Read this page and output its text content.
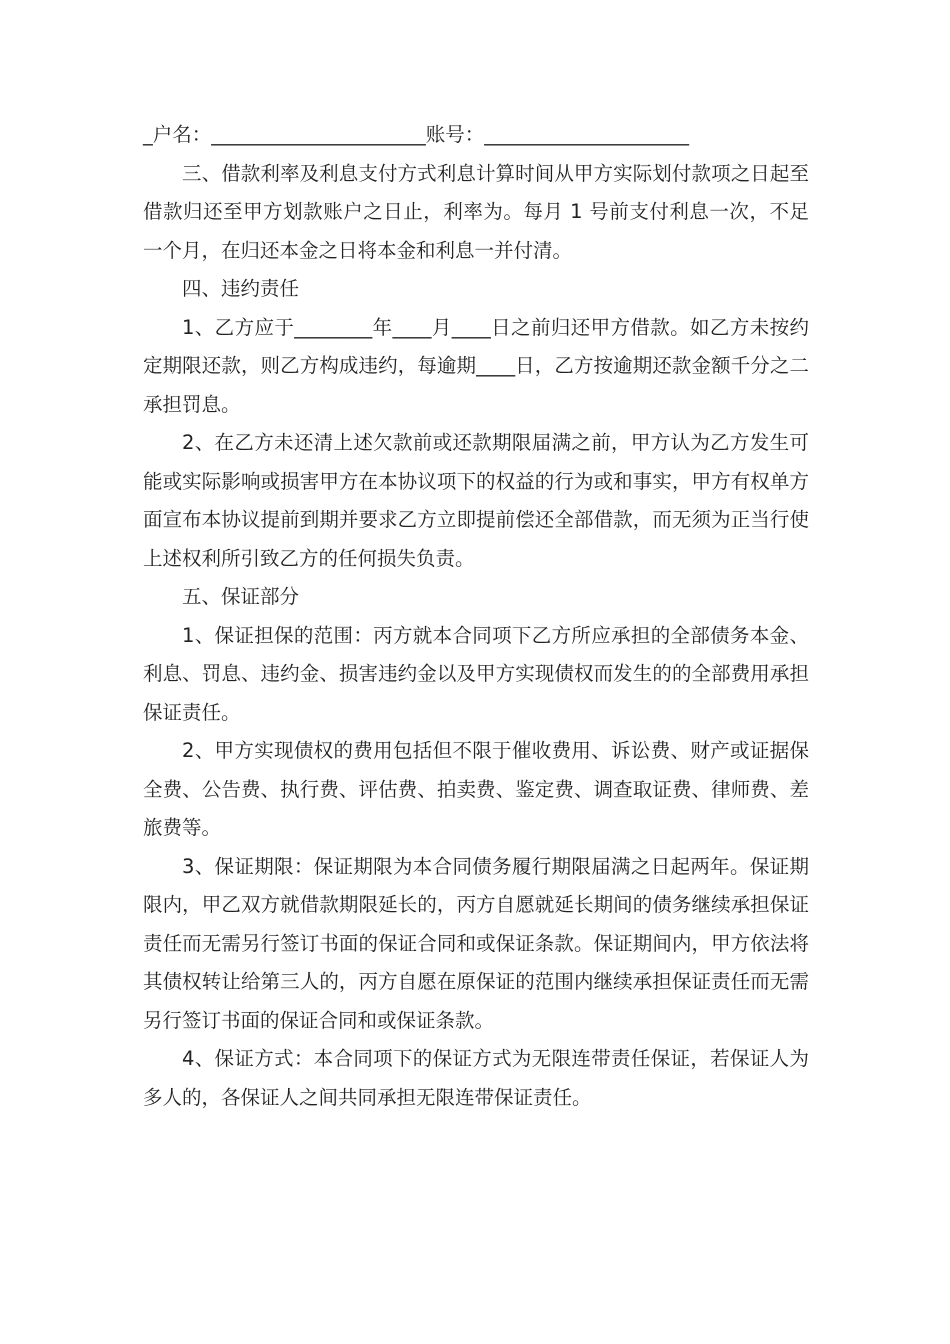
_户名：______________________账号：_____________________

三、借款利率及利息支付方式利息计算时间从甲方实际划付款项之日起至借款归还至甲方划款账户之日止，利率为。每月 1 号前支付利息一次，不足一个月，在归还本金之日将本金和利息一并付清。

四、违约责任

1、乙方应于________年____月____日之前归还甲方借款。如乙方未按约定期限还款，则乙方构成违约，每逾期____日，乙方按逾期还款金额千分之二承担罚息。

2、在乙方未还清上述欠款前或还款期限届满之前，甲方认为乙方发生可能或实际影响或损害甲方在本协议项下的权益的行为或和事实，甲方有权单方面宣布本协议提前到期并要求乙方立即提前偿还全部借款，而无须为正当行使上述权利所引致乙方的任何损失负责。

五、保证部分

1、保证担保的范围：丙方就本合同项下乙方所应承担的全部债务本金、利息、罚息、违约金、损害违约金以及甲方实现债权而发生的的全部费用承担保证责任。

2、甲方实现债权的费用包括但不限于催收费用、诉讼费、财产或证据保全费、公告费、执行费、评估费、拍卖费、鉴定费、调查取证费、律师费、差旅费等。

3、保证期限：保证期限为本合同债务履行期限届满之日起两年。保证期限内，甲乙双方就借款期限延长的，丙方自愿就延长期间的债务继续承担保证责任而无需另行签订书面的保证合同和或保证条款。保证期间内，甲方依法将其债权转让给第三人的，丙方自愿在原保证的范围内继续承担保证责任而无需另行签订书面的保证合同和或保证条款。

4、保证方式：本合同项下的保证方式为无限连带责任保证，若保证人为多人的，各保证人之间共同承担无限连带保证责任。
